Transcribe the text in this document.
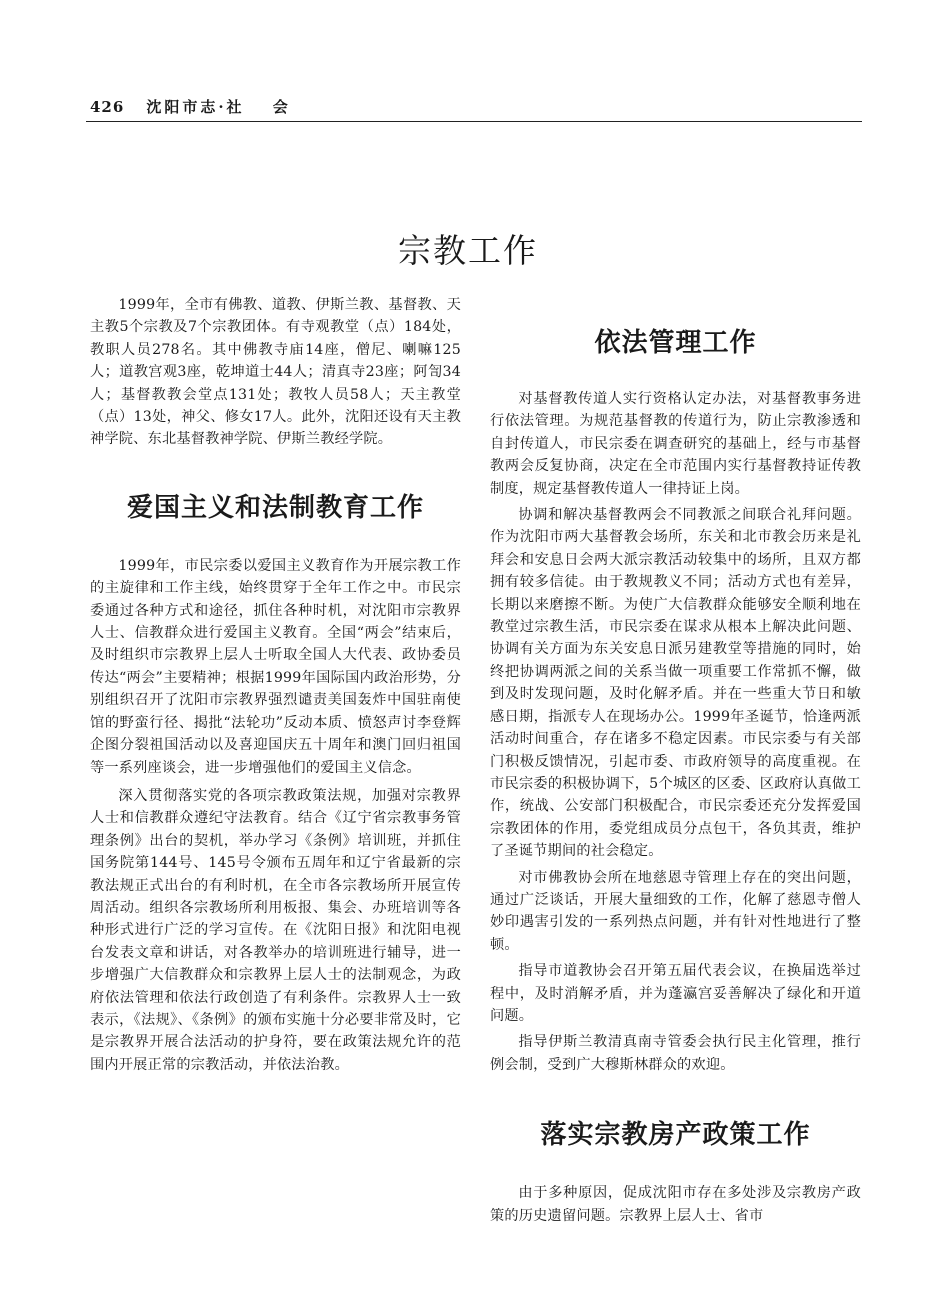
426 沈阳市志·社 会
宗教工作

1999年，全市有佛教、道教、伊斯兰教、基督教、天主教5个宗教及7个宗教团体。有寺观教堂（点）184处，教职人员278名。其中佛教寺庙14座，僧尼、喇嘛125人；道教宫观3座，乾坤道士44人；清真寺23座；阿訇34人；基督教教会堂点131处；教牧人员58人；天主教堂（点）13处，神父、修女17人。此外，沈阳还设有天主教神学院、东北基督教神学院、伊斯兰教经学院。

爱国主义和法制教育工作

1999年，市民宗委以爱国主义教育作为开展宗教工作的主旋律和工作主线，始终贯穿于全年工作之中。市民宗委通过各种方式和途径，抓住各种时机，对沈阳市宗教界人士、信教群众进行爱国主义教育。全国“两会”结束后，及时组织市宗教界上层人士听取全国人大代表、政协委员传达“两会”主要精神；根据1999年国际国内政治形势，分别组织召开了沈阳市宗教界强烈谴责美国轰炸中国驻南使馆的野蛮行径、揭批“法轮功”反动本质、愤怒声讨李登辉企图分裂祖国活动以及喜迎国庆五十周年和澳门回归祖国等一系列座谈会，进一步增强他们的爱国主义信念。

深入贯彻落实党的各项宗教政策法规，加强对宗教界人士和信教群众遵纪守法教育。结合《辽宁省宗教事务管理条例》出台的契机，举办学习《条例》培训班，并抓住国务院第144号、145号令颁布五周年和辽宁省最新的宗教法规正式出台的有利时机，在全市各宗教场所开展宣传周活动。组织各宗教场所利用板报、集会、办班培训等各种形式进行广泛的学习宣传。在《沈阳日报》和沈阳电视台发表文章和讲话，对各教举办的培训班进行辅导，进一步增强广大信教群众和宗教界上层人士的法制观念，为政府依法管理和依法行政创造了有利条件。宗教界人士一致表示，《法规》、《条例》的颁布实施十分必要非常及时，它是宗教界开展合法活动的护身符，要在政策法规允许的范围内开展正常的宗教活动，并依法治教。

依法管理工作

对基督教传道人实行资格认定办法，对基督教事务进行依法管理。为规范基督教的传道行为，防止宗教渗透和自封传道人，市民宗委在调查研究的基础上，经与市基督教两会反复协商，决定在全市范围内实行基督教持证传教制度，规定基督教传道人一律持证上岗。

协调和解决基督教两会不同教派之间联合礼拜问题。作为沈阳市两大基督教会场所，东关和北市教会历来是礼拜会和安息日会两大派宗教活动较集中的场所，且双方都拥有较多信徒。由于教规教义不同；活动方式也有差异，长期以来磨擦不断。为使广大信教群众能够安全顺利地在教堂过宗教生活，市民宗委在谋求从根本上解决此问题、协调有关方面为东关安息日派另建教堂等措施的同时，始终把协调两派之间的关系当做一项重要工作常抓不懈，做到及时发现问题，及时化解矛盾。并在一些重大节日和敏感日期，指派专人在现场办公。1999年圣诞节，恰逢两派活动时间重合，存在诸多不稳定因素。市民宗委与有关部门积极反馈情况，引起市委、市政府领导的高度重视。在市民宗委的积极协调下，5个城区的区委、区政府认真做工作，统战、公安部门积极配合，市民宗委还充分发挥爱国宗教团体的作用，委党组成员分点包干，各负其责，维护了圣诞节期间的社会稳定。

对市佛教协会所在地慈恩寺管理上存在的突出问题，通过广泛谈话，开展大量细致的工作，化解了慈恩寺僧人妙印遇害引发的一系列热点问题，并有针对性地进行了整顿。

指导市道教协会召开第五届代表会议，在换届选举过程中，及时消解矛盾，并为蓬瀛宫妥善解决了绿化和开道问题。

指导伊斯兰教清真南寺管委会执行民主化管理，推行例会制，受到广大穆斯林群众的欢迎。

落实宗教房产政策工作

由于多种原因，促成沈阳市存在多处涉及宗教房产政策的历史遗留问题。宗教界上层人士、省市
